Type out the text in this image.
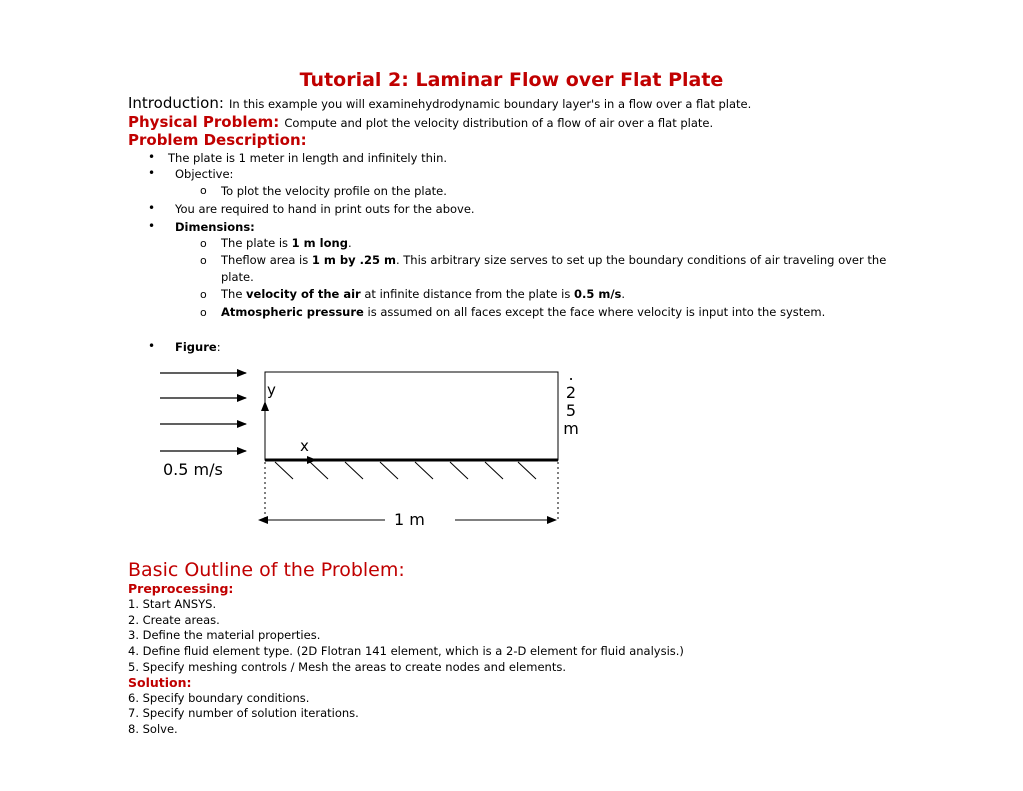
Tutorial 2: Laminar Flow over Flat Plate
Introduction: In this example you will examinehydrodynamic boundary layer's in a flow over a flat plate.
Physical Problem: Compute and plot the velocity distribution of a flow of air over a flat plate.
Problem Description:
• The plate is 1 meter in length and infinitely thin.
• Objective:
o To plot the velocity profile on the plate.
• You are required to hand in print outs for the above.
• Dimensions:
o The plate is 1 m long.
o Theflow area is 1 m by .25 m. This arbitrary size serves to set up the boundary conditions of air traveling over the
plate.
o The velocity of the air at infinite distance from the plate is 0.5 m/s.
o Atmospheric pressure is assumed on all faces except the face where velocity is input into the system.
• Figure:
0.5 m/s
y
x
1 m
.
2
5
m
Basic Outline of the Problem:
Preprocessing:
1. Start ANSYS.
2. Create areas.
3. Define the material properties.
4. Define fluid element type. (2D Flotran 141 element, which is a 2-D element for fluid analysis.)
5. Specify meshing controls / Mesh the areas to create nodes and elements.
Solution:
6. Specify boundary conditions.
7. Specify number of solution iterations.
8. Solve.
